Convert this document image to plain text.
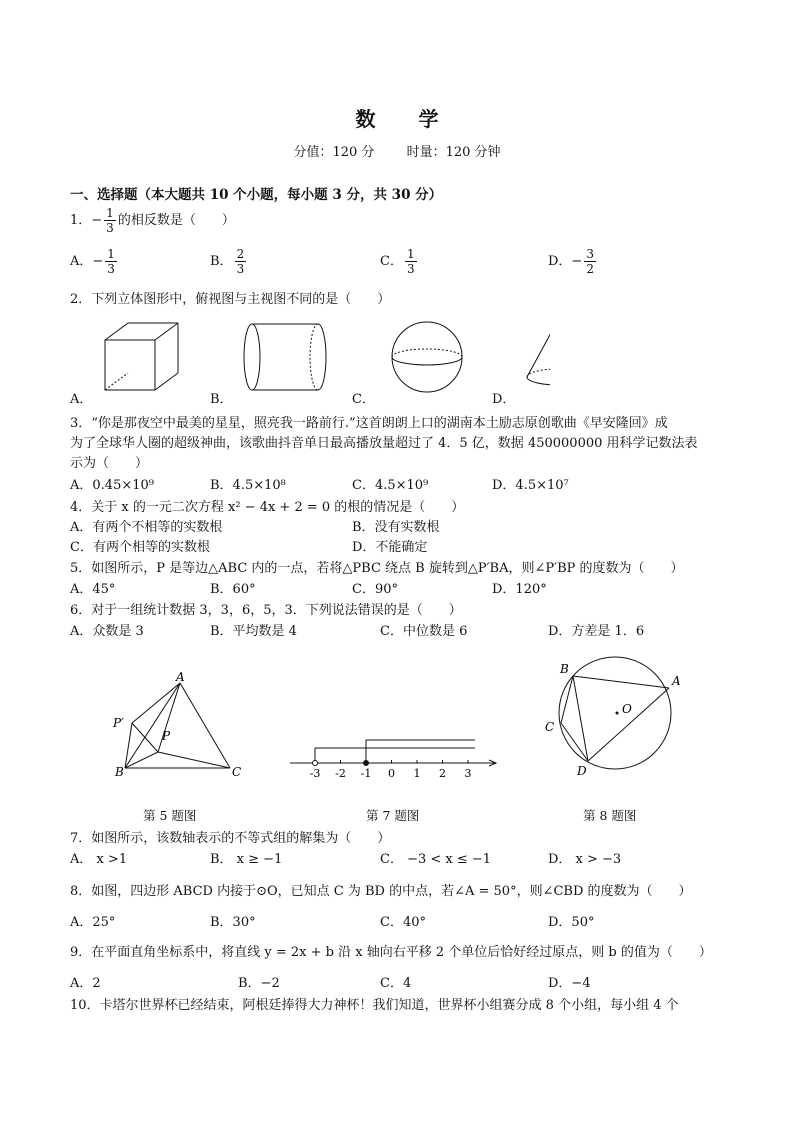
数 学
分值：120 分 时量：120 分钟
一、选择题（本大题共 10 个小题，每小题 3 分，共 30 分）
1．− $\frac{1}{3}$ 的相反数是（　　）
A．− $\frac{1}{3}$	B． $\frac{2}{3}$	C． $\frac{1}{3}$	D．− $\frac{3}{2}$
2．下列立体图形中，俯视图与主视图不同的是（　　）
A．	B．	C．	D．
3．“你是那夜空中最美的星星，照亮我一路前行.”这首朗朗上口的湖南本土励志原创歌曲《早安隆回》成
为了全球华人圈的超级神曲，该歌曲抖音单日最高播放量超过了 4．5 亿，数据 450000000 用科学记数法表
示为（　　）
A．0.45×10⁹	B．4.5×10⁸	C．4.5×10⁹	D．4.5×10⁷
4．关于 x 的一元二次方程 x² − 4x + 2 = 0 的根的情况是（　　）
A．有两个不相等的实数根	B．没有实数根
C．有两个相等的实数根	D．不能确定
5．如图所示，P 是等边△ABC 内的一点，若将△PBC 绕点 B 旋转到△P′BA，则∠P′BP 的度数为（　　）
A．45°	B．60°	C．90°	D．120°
6．对于一组统计数据 3，3，6，5，3．下列说法错误的是（　　）
A．众数是 3	B．平均数是 4	C．中位数是 6	D．方差是 1．6
A
B	C
P
P′
第 5 题图
-3 -2 -1 0 1 2 3
第 7 题图
B
A
C
D
O
第 8 题图
7．如图所示，该数轴表示的不等式组的解集为（　　）
A． x >1	B． x ≥ −1	C． −3 < x ≤ −1	D． x > −3
8．如图，四边形 ABCD 内接于⊙O，已知点 C 为 BD 的中点，若∠A = 50°，则∠CBD 的度数为（　　）
A．25°	B．30°	C．40°	D．50°
9．在平面直角坐标系中，将直线 y = 2x + b 沿 x 轴向右平移 2 个单位后恰好经过原点，则 b 的值为（　　）
A．2	B．−2	C．4	D．−4
10．卡塔尔世界杯已经结束，阿根廷捧得大力神杯！我们知道，世界杯小组赛分成 8 个小组，每小组 4 个
